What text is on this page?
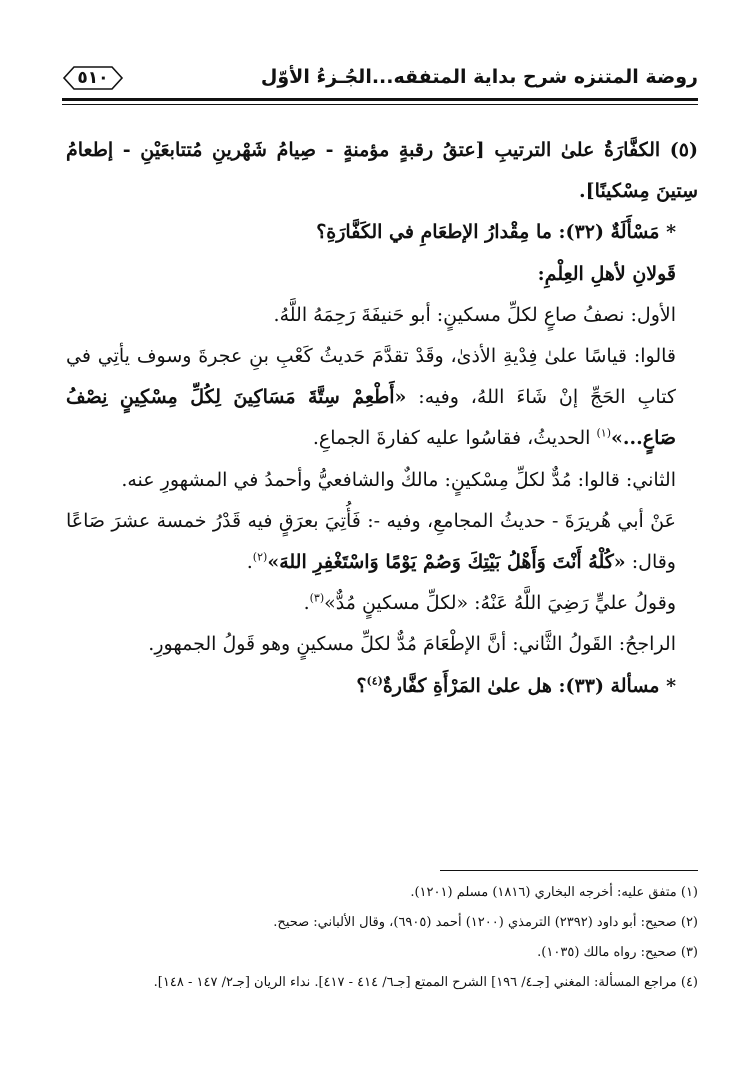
روضة المتنزه شرح بداية المتفقه...الجُـزءُ الأوّل
٥١٠

(٥) الكفَّارَةُ علىٰ الترتيبِ [عتقُ رقبةٍ مؤمنةٍ - صِيامُ شَهْرينِ مُتتابعَيْنِ - إطعامُ سِتينَ مِسْكينًا].

* مَسْأَلَةٌ (٣٢): ما مِقْدارُ الإطعَامِ في الكَفَّارَةِ؟

قَولانِ لأهلِ العِلْمِ:

الأول: نصفُ صاعٍ لكلِّ مسكينٍ: أبو حَنيفَةَ رَحِمَهُ اللَّهُ.

قالوا: قياسًا علىٰ فِدْيةِ الأذىٰ، وقَدْ تقدَّمَ حَديثُ كَعْبِ بنِ عجرةَ وسوف يأتِي في كتابِ الحَجِّ إنْ شَاءَ اللهُ، وفيه: «أَطْعِمْ سِتَّةَ مَسَاكِينَ لِكُلِّ مِسْكِينٍ نِصْفُ صَاعٍ...»$^{(١)}$ الحديثُ، فقاسُوا عليه كفارةَ الجماعِ.

الثاني: قالوا: مُدٌّ لكلِّ مِسْكينٍ: مالكٌ والشافعيُّ وأحمدُ في المشهورِ عنه.

عَنْ أبي هُريرَةَ - حديثُ المجامعِ، وفيه -: فَأُتِيَ بعرَقٍ فيه قَدْرُ خمسة عشرَ صَاعًا وقال: «كُلْهُ أَنْتَ وَأَهْلُ بَيْتِكَ وَصُمْ يَوْمًا وَاسْتَغْفِرِ اللهَ»$^{(٢)}$.

وقولُ عليٍّ رَضِيَ اللَّهُ عَنْهُ: «لكلِّ مسكينٍ مُدٌّ»$^{(٣)}$.

الراجحُ: القَولُ الثَّاني: أنَّ الإطْعَامَ مُدٌّ لكلِّ مسكينٍ وهو قَولُ الجمهورِ.

* مسألة (٣٣): هل علىٰ المَرْأَةِ كفَّارةٌ$^{(٤)}$؟

(١) متفق عليه: أخرجه البخاري (١٨١٦) مسلم (١٢٠١).

(٢) صحيح: أبو داود (٢٣٩٢) الترمذي (١٢٠٠) أحمد (٦٩٠٥)، وقال الألباني: صحيح.

(٣) صحيح: رواه مالك (١٠٣٥).

(٤) مراجع المسألة: المغني [جـ٤/ ١٩٦] الشرح الممتع [جـ٦/ ٤١٤ - ٤١٧]. نداء الريان [جـ٢/ ١٤٧ - ١٤٨].
